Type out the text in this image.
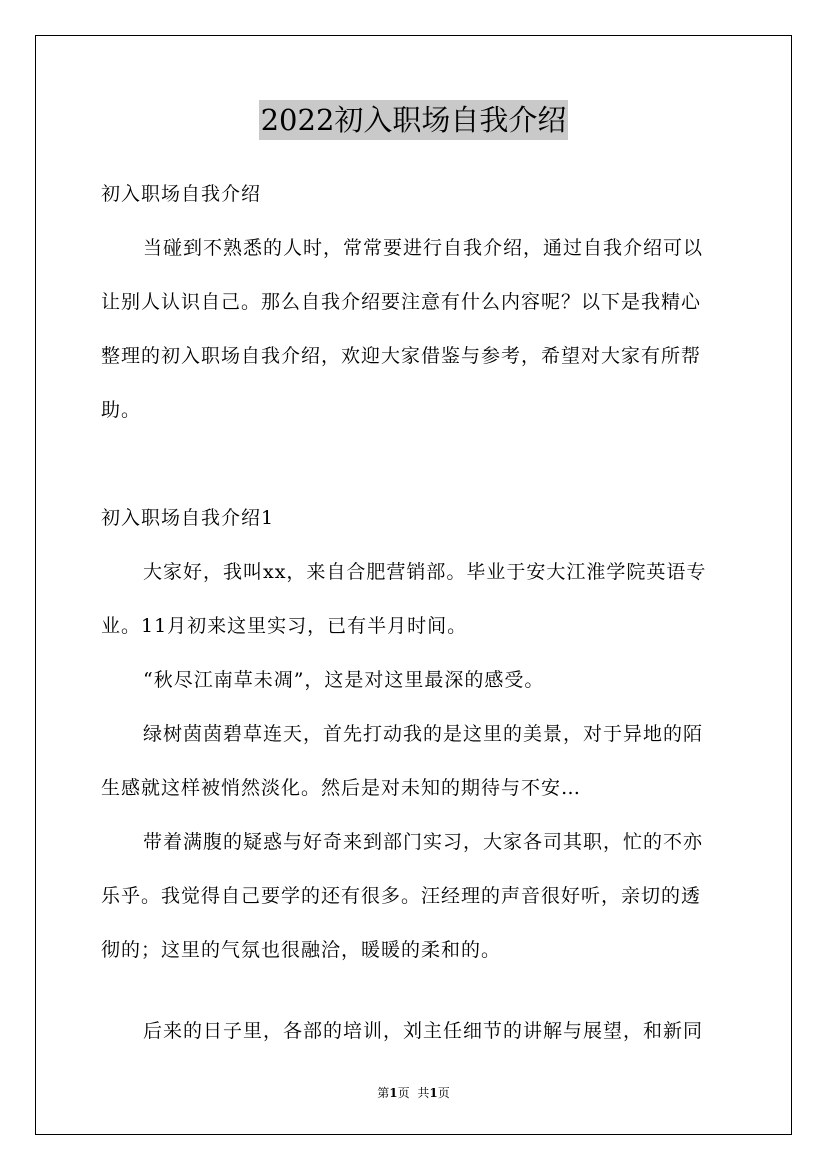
2022初入职场自我介绍
初入职场自我介绍
当碰到不熟悉的人时，常常要进行自我介绍，通过自我介绍可以
让别人认识自己。那么自我介绍要注意有什么内容呢？以下是我精心
整理的初入职场自我介绍，欢迎大家借鉴与参考，希望对大家有所帮
助。
初入职场自我介绍1
大家好，我叫xx，来自合肥营销部。毕业于安大江淮学院英语专
业。11月初来这里实习，已有半月时间。
“秋尽江南草未凋”，这是对这里最深的感受。
绿树茵茵碧草连天，首先打动我的是这里的美景，对于异地的陌
生感就这样被悄然淡化。然后是对未知的期待与不安…
带着满腹的疑惑与好奇来到部门实习，大家各司其职，忙的不亦
乐乎。我觉得自己要学的还有很多。汪经理的声音很好听，亲切的透
彻的；这里的气氛也很融洽，暖暖的柔和的。
后来的日子里，各部的培训，刘主任细节的讲解与展望，和新同
第1页 共1页
